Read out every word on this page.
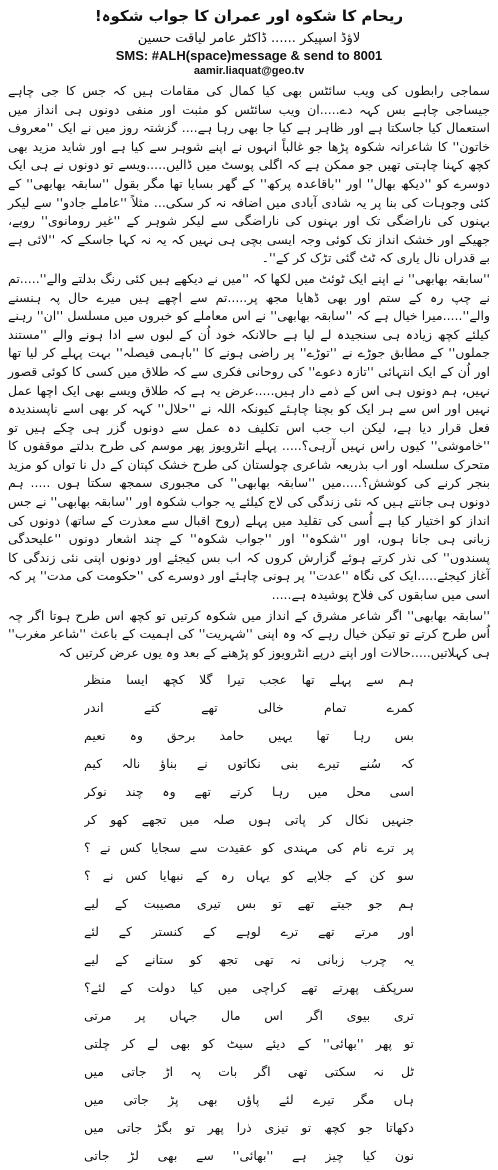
ریحام کا شکوہ اور عمران کا جواب شکوہ!
لاؤڈ اسپیکر ...... ڈاکٹر عامر لیاقت حسین
SMS: #ALH(space)message & send to 8001
aamir.liaquat@geo.tv

سماجی رابطوں کی ویب سائٹس بھی کیا کمال کی مقامات ہیں کہ جس کا جی چاہے جیساجی چاہے بس کہہ دے.....ان ویب سائٹس کو مثبت اور منفی دونوں ہی انداز میں استعمال کیا جاسکتا ہے اور ظاہر ہے کیا جا بھی رہا ہے.... گزشتہ روز میں نے ایک ''معروف خاتون'' کا شاعرانہ شکوہ پڑھا جو غالباً انہوں نے اپنے شوہر سے کیا ہے اور شاید مزید بھی کچھ کہنا چاہتی تھیں جو ممکن ہے کہ اگلی پوسٹ میں ڈالیں.....ویسے تو دونوں نے ہی ایک دوسرے کو ''دیکھ بھال'' اور ''باقاعدہ پرکھ'' کے گھر بسایا تھا مگر بقول ''سابقہ بھابھی'' کے کئی وجوہات کی بنا پر یہ شادی آبادی میں اضافہ نہ کر سکی... مثلاً ''عاملے جادو'' سے لیکر بہنوں کی ناراضگی تک اور بہنوں کی ناراضگی سے لیکر شوہر کے ''غیر رومانوی'' رویے، جھیکے اور خشک انداز تک کوئی وجہ ایسی بچی ہی نہیں کہ یہ نہ کہا جاسکے کہ ''لائی ہے بے قدراں نال یاری کہ ٹٹ گئی تڑک کر کے''۔

''سابقہ بھابھی'' نے اپنے ایک ٹوئٹ میں لکھا کہ ''میں نے دیکھے ہیں کئی رنگ بدلتے والے''.....تم نے چپ رہ کے ستم اور بھی ڈھایا مجھ پر.....تم سے اچھے ہیں میرے حال پہ ہنسنے والے''.....میرا خیال ہے کہ ''سابقہ بھابھی'' نے اس معاملے کو خبروں میں مسلسل ''ان'' رہنے کیلئے کچھ زیادہ ہی سنجیدہ لے لیا ہے حالانکہ خود اُن کے لبوں سے ادا ہونے والے ''مستند جملوں'' کے مطابق جوڑے نے ''توڑے'' پر راضی ہونے کا ''باہمی فیصلہ'' بہت پہلے کر لیا تھا اور اُن کے ایک انتہائی ''تازہ دعوے'' کی روحانی فکری سے کہ طلاق میں کسی کا کوئی قصور نہیں، ہم دونوں ہی اس کے ذمے دار ہیں.....عرض یہ ہے کہ طلاق ویسے بھی ایک اچھا عمل نہیں اور اس سے ہر ایک کو بچنا چاہئے کیونکہ اللہ نے ''حلال'' کہہ کر بھی اسے ناپسندیدہ فعل قرار دیا ہے، لیکن اب جب اس تکلیف دہ عمل سے دونوں گزر ہی چکے ہیں تو ''خاموشی'' کیوں راس نہیں آرہی؟..... پہلے انٹرویوز پھر موسم کی طرح بدلتے موقفوں کا متحرک سلسلہ اور اب بذریعہ شاعری چولستان کی طرح خشک کپتان کے دل نا تواں کو مزید بنجر کرنے کی کوشش؟.....میں ''سابقہ بھابھی'' کی مجبوری سمجھ سکتا ہوں ..... ہم دونوں ہی جانتے ہیں کہ نئی زندگی کی لاج کیلئے یہ جواب شکوہ اور ''سابقہ بھابھی'' نے جس انداز کو اختیار کیا ہے اُسی کی تقلید میں پہلے (روح اقبال سے معذرت کے ساتھ) دونوں کی زبانی ہی جانا ہوں، اور ''شکوہ'' اور ''جواب شکوہ'' کے چند اشعار دونوں ''علیحدگی پسندوں'' کی نذر کرتے ہوئے گزارش کروں کہ اب بس کیجئے اور دونوں اپنی نئی زندگی کا آغاز کیجئے.....ایک کی نگاہ ''عدت'' پر ہونی چاہئے اور دوسرے کی ''حکومت کی مدت'' پر کہ اسی میں سابقوں کی فلاح پوشیدہ ہے.....

''سابقہ بھابھی'' اگر شاعر مشرق کے انداز میں شکوہ کرتیں تو کچھ اس طرح ہوتا اگر چہ اُس طرح کرتے تو تیکن خیال رہے کہ وہ اپنی ''شہریت'' کی اہمیت کے باعث ''شاعر مغرب'' ہی کہلاتیں.....حالات اور اپنے درپے انٹرویوز کو پڑھنے کے بعد وہ یوں عرض کرتیں کہ

ہم سے پہلے تھا عجب تیرا گلا کچھ ایسا منظر
کمرے تمام خالی تھے کتے اندر
بس رہا تھا یہیں حامد برحق وہ نعیم
کہ سُنے تیرے بنی نکاتوں نے بناؤ نالہ کیم
اسی محل میں رہا کرتے تھے وہ چند نوکر
جنہیں نکال کر پاتی ہوں صلہ میں تجھے کھو کر
پر ترے نام کی مہندی کو عقیدت سے سجایا کس نے ؟
سو کن کے جلاپے کو یہاں رہ کے نبھایا کس نے ؟
ہم جو جیتے تھے تو بس تیری مصیبت کے لیے
اور مرتے تھے ترے لوہے کے کنستر کے لئے
یہ چرب زبانی نہ تھی تجھ کو ستانے کے لیے
سرپکف پھرتے تھے کراچی میں کیا دولت کے لئے؟
تری بیوی اگر اس مال جہاں پر مرتی
تو پھر ''بھائی'' کے دیئے سیٹ کو بھی لے کر چلتی
ٹل نہ سکتی تھی اگر بات پہ اڑ جاتی میں
ہاں مگر تیرے لئے پاؤں بھی پڑ جاتی میں
دکھاتا جو کچھ تو تیزی ذرا پھر تو بگڑ جاتی میں
نون کیا چیز ہے ''بھائی'' سے بھی لڑ جاتی
